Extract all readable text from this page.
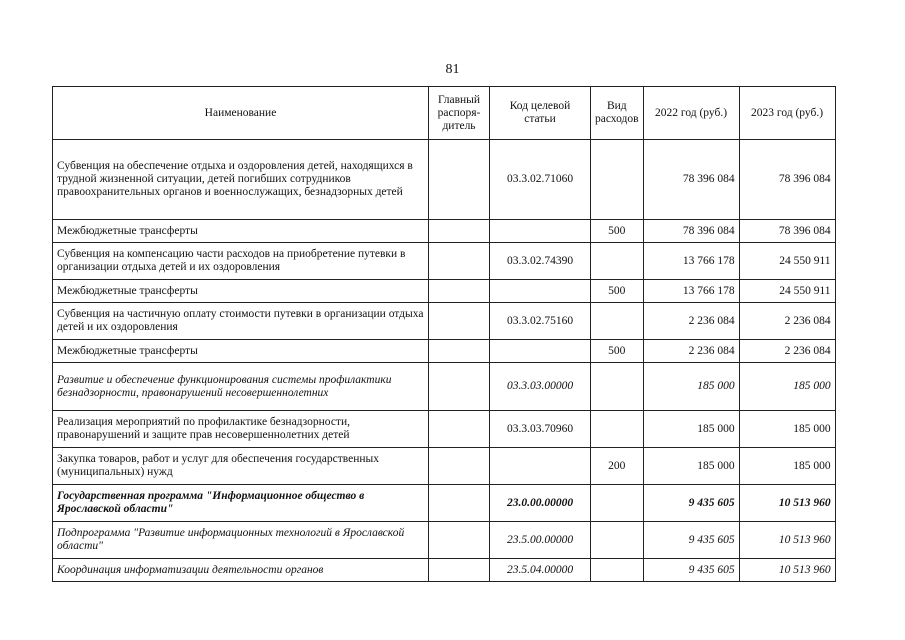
81
Наименование	Главный распоря-дитель	Код целевой статьи	Вид расходов	2022 год (руб.)	2023 год (руб.)
Субвенция на обеспечение отдыха и оздоровления детей, находящихся в трудной жизненной ситуации, детей погибших сотрудников правоохранительных органов и военнослужащих, безнадзорных детей		03.3.02.71060		78 396 084	78 396 084
Межбюджетные трансферты			500	78 396 084	78 396 084
Субвенция на компенсацию части расходов на приобретение путевки в организации отдыха детей и их оздоровления		03.3.02.74390		13 766 178	24 550 911
Межбюджетные трансферты			500	13 766 178	24 550 911
Субвенция на частичную оплату стоимости путевки в организации отдыха детей и их оздоровления		03.3.02.75160		2 236 084	2 236 084
Межбюджетные трансферты			500	2 236 084	2 236 084
Развитие и обеспечение функционирования системы профилактики безнадзорности, правонарушений несовершеннолетних		03.3.03.00000		185 000	185 000
Реализация мероприятий по профилактике безнадзорности, правонарушений и защите прав несовершеннолетних детей		03.3.03.70960		185 000	185 000
Закупка товаров, работ и услуг для обеспечения государственных (муниципальных) нужд			200	185 000	185 000
Государственная программа "Информационное общество в Ярославской области"		23.0.00.00000		9 435 605	10 513 960
Подпрограмма "Развитие информационных технологий в Ярославской области"		23.5.00.00000		9 435 605	10 513 960
Координация информатизации деятельности органов		23.5.04.00000		9 435 605	10 513 960
